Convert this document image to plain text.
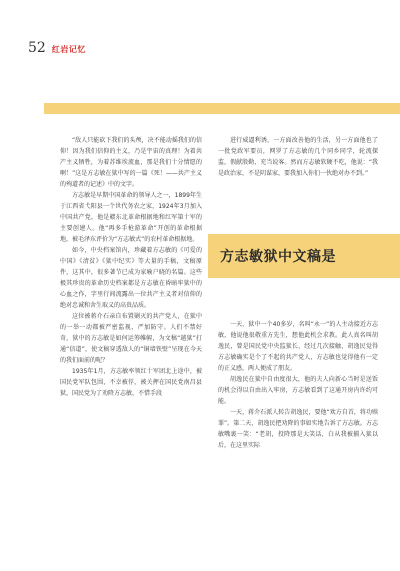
52 红岩记忆

“敌人只能砍下我们的头颅，决不能动摇我们的信仰！因为我们信仰的主义，乃是宇宙的真理！为着共产主义牺牲，为着苏维埃流血，那是我们十分情愿的啊！”这是方志敏在狱中写的一篇《死！——共产主义的殉道者的记述》中的文字。

方志敏是早期中国革命的领导人之一，1899年生于江西省弋阳县一个世代务农之家，1924年3月加入中国共产党。他是赣东北革命根据地和红军第十军的主要创建人。他“再多手枪游革命”开创的革命根据地，被毛泽东评价为“方志敏式”的农村革命根据地。

如今，中央档案馆内，珍藏着方志敏的《可爱的中国》《清贫》《狱中纪实》等大量的手稿，文稿原件，这其中，很多著节已成为家喻户晓的名篇。这些极其珍贵的革命历史档案都是方志敏在昏暗牢狱中的心血之作，字里行间流露出一位共产主义者对信仰的绝对忠诚和舍生取义的高贵品质。

这位被蒋介石亲自布置剿灭的共产党人，在狱中的一举一动都被严密监视，严加防守。人们不禁好奇，狱中的方志敏是如何运筹帷幄，为文稿“越狱”打通“信道”，使文稿穿透敌人的“铜墙铁壁”呈现在今天的我们面前的呢？

1935年1月，方志敏率领红十军团北上途中，被国民党军队包围，不幸被俘，被关押在国民党南昌县狱，国民党为了劝降方志敏，不惜手段

进行威逼利诱，一方面改善他的生活，另一方面他也了一批党政军要员，网罗了方志敏的几个同乡同学，轮流探监，假献殷勤，充当说客。然而方志敏软硬不吃，他说：“我是政治家，不是阴谋家，要我加入你们一伙绝对办不到。”

一天，狱中一个40多岁，名叫“永一”的人主动接近方志敏，他说他很敬重方先生，想他此机会求教。此人真名叫胡逸民，曾是国民党中央监狱长，经过几次接触，胡逸民觉得方志敏确实是个了不起的共产党人，方志敏也觉得他有一定的正义感，两人便成了朋友。

胡逸民在狱中自由度很大，他的夫人向新心当时是送饭的机会得以自由出入牢房，方志敏看到了这通开房内许约可能。

一天，蒋介石派人转告胡逸民，要他“欢方自首，将功赎罪”。第二天，胡逸民把劝降的事如实地告诉了方志敏。方志敏嘴裹一笑：“老胡，投降那是大笑话，白从我被捕入狱以后，在这里实际

方志敏狱中文稿是
